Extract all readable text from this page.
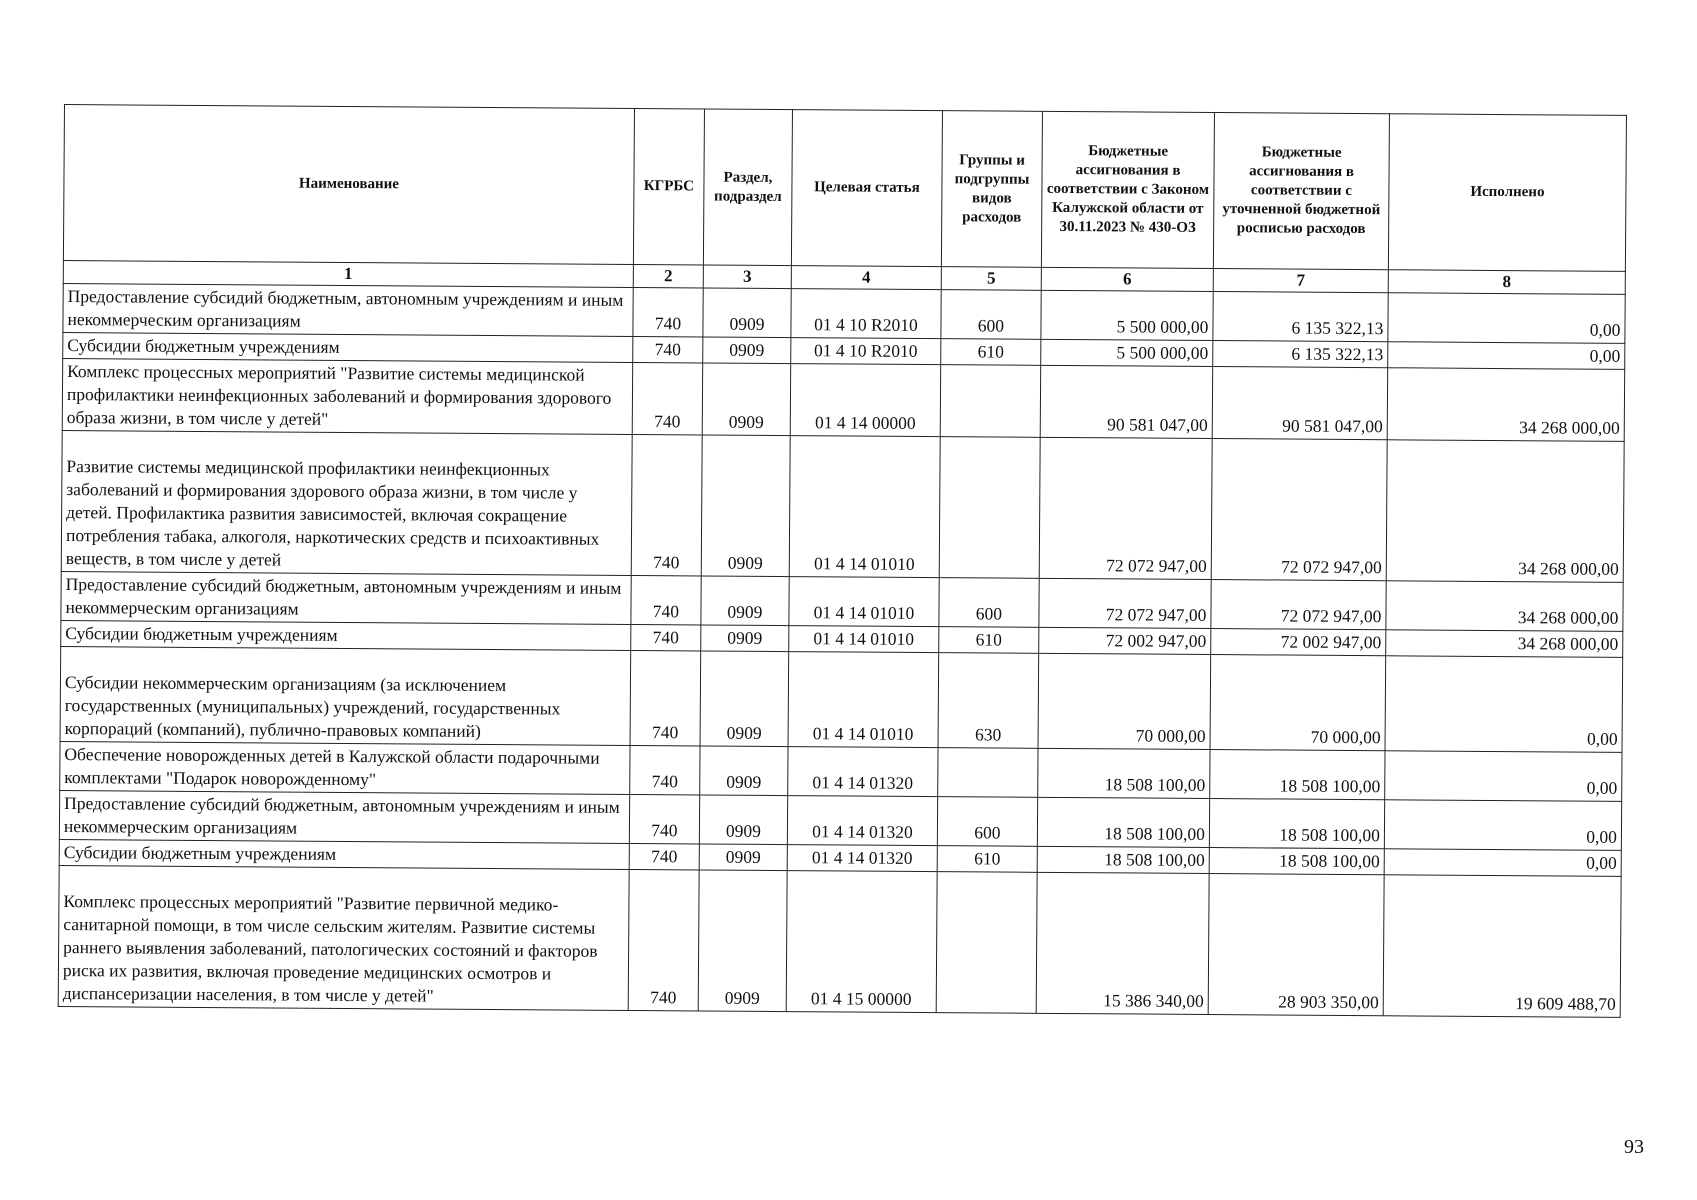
Наименование	КГРБС	Раздел, подраздел	Целевая статья	Группы и подгруппы видов расходов	Бюджетные ассигнования в соответствии с Законом Калужской области от 30.11.2023 № 430-ОЗ	Бюджетные ассигнования в соответствии с уточненной бюджетной росписью расходов	Исполнено
1	2	3	4	5	6	7	8
Предоставление субсидий бюджетным, автономным учреждениям и иным некоммерческим организациям	740	0909	01 4 10 R2010	600	5 500 000,00	6 135 322,13	0,00
Субсидии бюджетным учреждениям	740	0909	01 4 10 R2010	610	5 500 000,00	6 135 322,13	0,00
Комплекс процессных мероприятий "Развитие системы медицинской профилактики неинфекционных заболеваний и формирования здорового образа жизни, в том числе у детей"	740	0909	01 4 14 00000		90 581 047,00	90 581 047,00	34 268 000,00
Развитие системы медицинской профилактики неинфекционных заболеваний и формирования здорового образа жизни, в том числе у детей. Профилактика развития зависимостей, включая сокращение потребления табака, алкоголя, наркотических средств и психоактивных веществ, в том числе у детей	740	0909	01 4 14 01010		72 072 947,00	72 072 947,00	34 268 000,00
Предоставление субсидий бюджетным, автономным учреждениям и иным некоммерческим организациям	740	0909	01 4 14 01010	600	72 072 947,00	72 072 947,00	34 268 000,00
Субсидии бюджетным учреждениям	740	0909	01 4 14 01010	610	72 002 947,00	72 002 947,00	34 268 000,00
Субсидии некоммерческим организациям (за исключением государственных (муниципальных) учреждений, государственных корпораций (компаний), публично-правовых компаний)	740	0909	01 4 14 01010	630	70 000,00	70 000,00	0,00
Обеспечение новорожденных детей в Калужской области подарочными комплектами "Подарок новорожденному"	740	0909	01 4 14 01320		18 508 100,00	18 508 100,00	0,00
Предоставление субсидий бюджетным, автономным учреждениям и иным некоммерческим организациям	740	0909	01 4 14 01320	600	18 508 100,00	18 508 100,00	0,00
Субсидии бюджетным учреждениям	740	0909	01 4 14 01320	610	18 508 100,00	18 508 100,00	0,00
Комплекс процессных мероприятий "Развитие первичной медико-санитарной помощи, в том числе сельским жителям. Развитие системы раннего выявления заболеваний, патологических состояний и факторов риска их развития, включая проведение медицинских осмотров и диспансеризации населения, в том числе у детей"	740	0909	01 4 15 00000		15 386 340,00	28 903 350,00	19 609 488,70
93
